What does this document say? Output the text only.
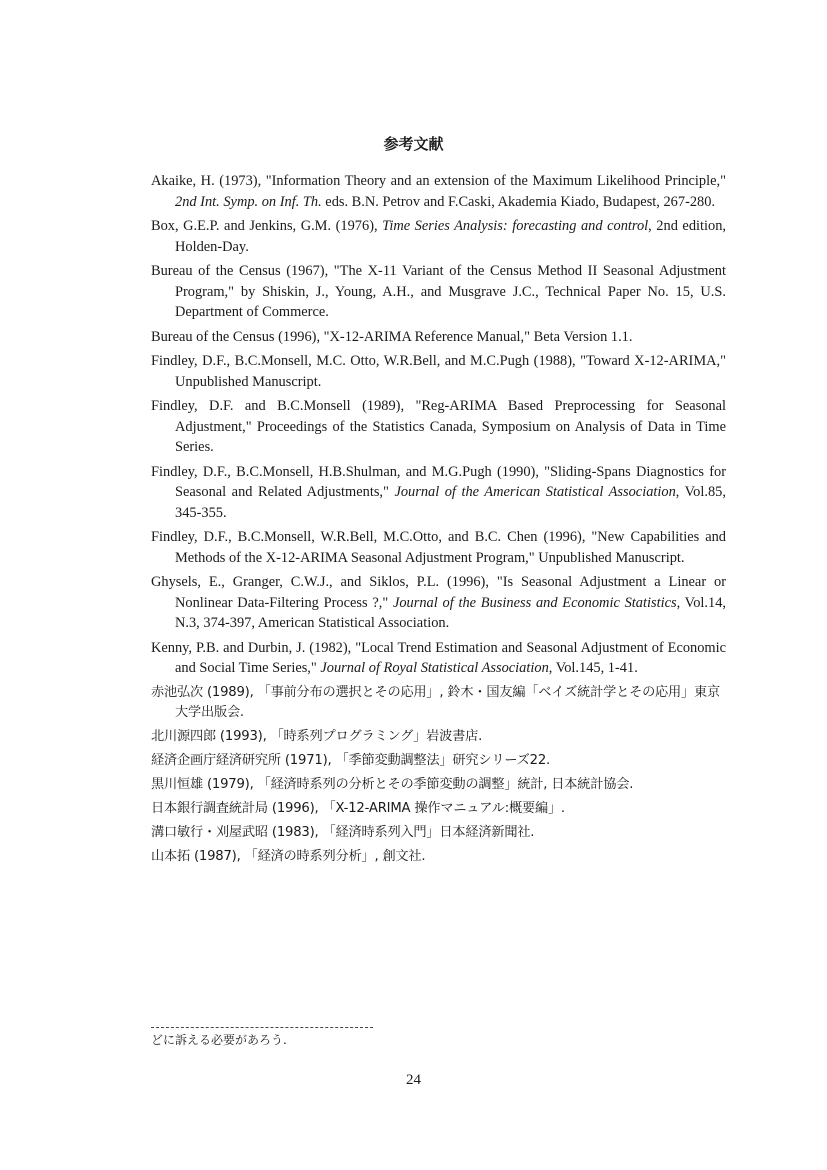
参考文献
Akaike, H. (1973), "Information Theory and an extension of the Maximum Likelihood Principle," 2nd Int. Symp. on Inf. Th. eds. B.N. Petrov and F.Caski, Akademia Kiado, Budapest, 267-280.
Box, G.E.P. and Jenkins, G.M. (1976), Time Series Analysis: forecasting and control, 2nd edition, Holden-Day.
Bureau of the Census (1967), "The X-11 Variant of the Census Method II Seasonal Adjustment Program," by Shiskin, J., Young, A.H., and Musgrave J.C., Technical Paper No. 15, U.S. Department of Commerce.
Bureau of the Census (1996), "X-12-ARIMA Reference Manual," Beta Version 1.1.
Findley, D.F., B.C.Monsell, M.C. Otto, W.R.Bell, and M.C.Pugh (1988), "Toward X-12-ARIMA," Unpublished Manuscript.
Findley, D.F. and B.C.Monsell (1989), "Reg-ARIMA Based Preprocessing for Seasonal Adjustment," Proceedings of the Statistics Canada, Symposium on Analysis of Data in Time Series.
Findley, D.F., B.C.Monsell, H.B.Shulman, and M.G.Pugh (1990), "Sliding-Spans Diagnostics for Seasonal and Related Adjustments," Journal of the American Statistical Association, Vol.85, 345-355.
Findley, D.F., B.C.Monsell, W.R.Bell, M.C.Otto, and B.C. Chen (1996), "New Capabilities and Methods of the X-12-ARIMA Seasonal Adjustment Program," Unpublished Manuscript.
Ghysels, E., Granger, C.W.J., and Siklos, P.L. (1996), "Is Seasonal Adjustment a Linear or Nonlinear Data-Filtering Process ?," Journal of the Business and Economic Statistics, Vol.14, N.3, 374-397, American Statistical Association.
Kenny, P.B. and Durbin, J. (1982), "Local Trend Estimation and Seasonal Adjustment of Economic and Social Time Series," Journal of Royal Statistical Association, Vol.145, 1-41.
赤池弘次 (1989), 「事前分布の選択とその応用」, 鈴木・国友編「ベイズ統計学とその応用」東京大学出版会.
北川源四郎 (1993), 「時系列プログラミング」岩波書店.
経済企画庁経済研究所 (1971), 「季節変動調整法」研究シリーズ22.
黒川恒雄 (1979), 「経済時系列の分析とその季節変動の調整」統計, 日本統計協会.
日本銀行調査統計局 (1996), 「X-12-ARIMA 操作マニュアル:概要編」.
溝口敏行・刈屋武昭 (1983), 「経済時系列入門」日本経済新聞社.
山本拓 (1987), 「経済の時系列分析」, 創文社.
どに訴える必要があろう.
24
